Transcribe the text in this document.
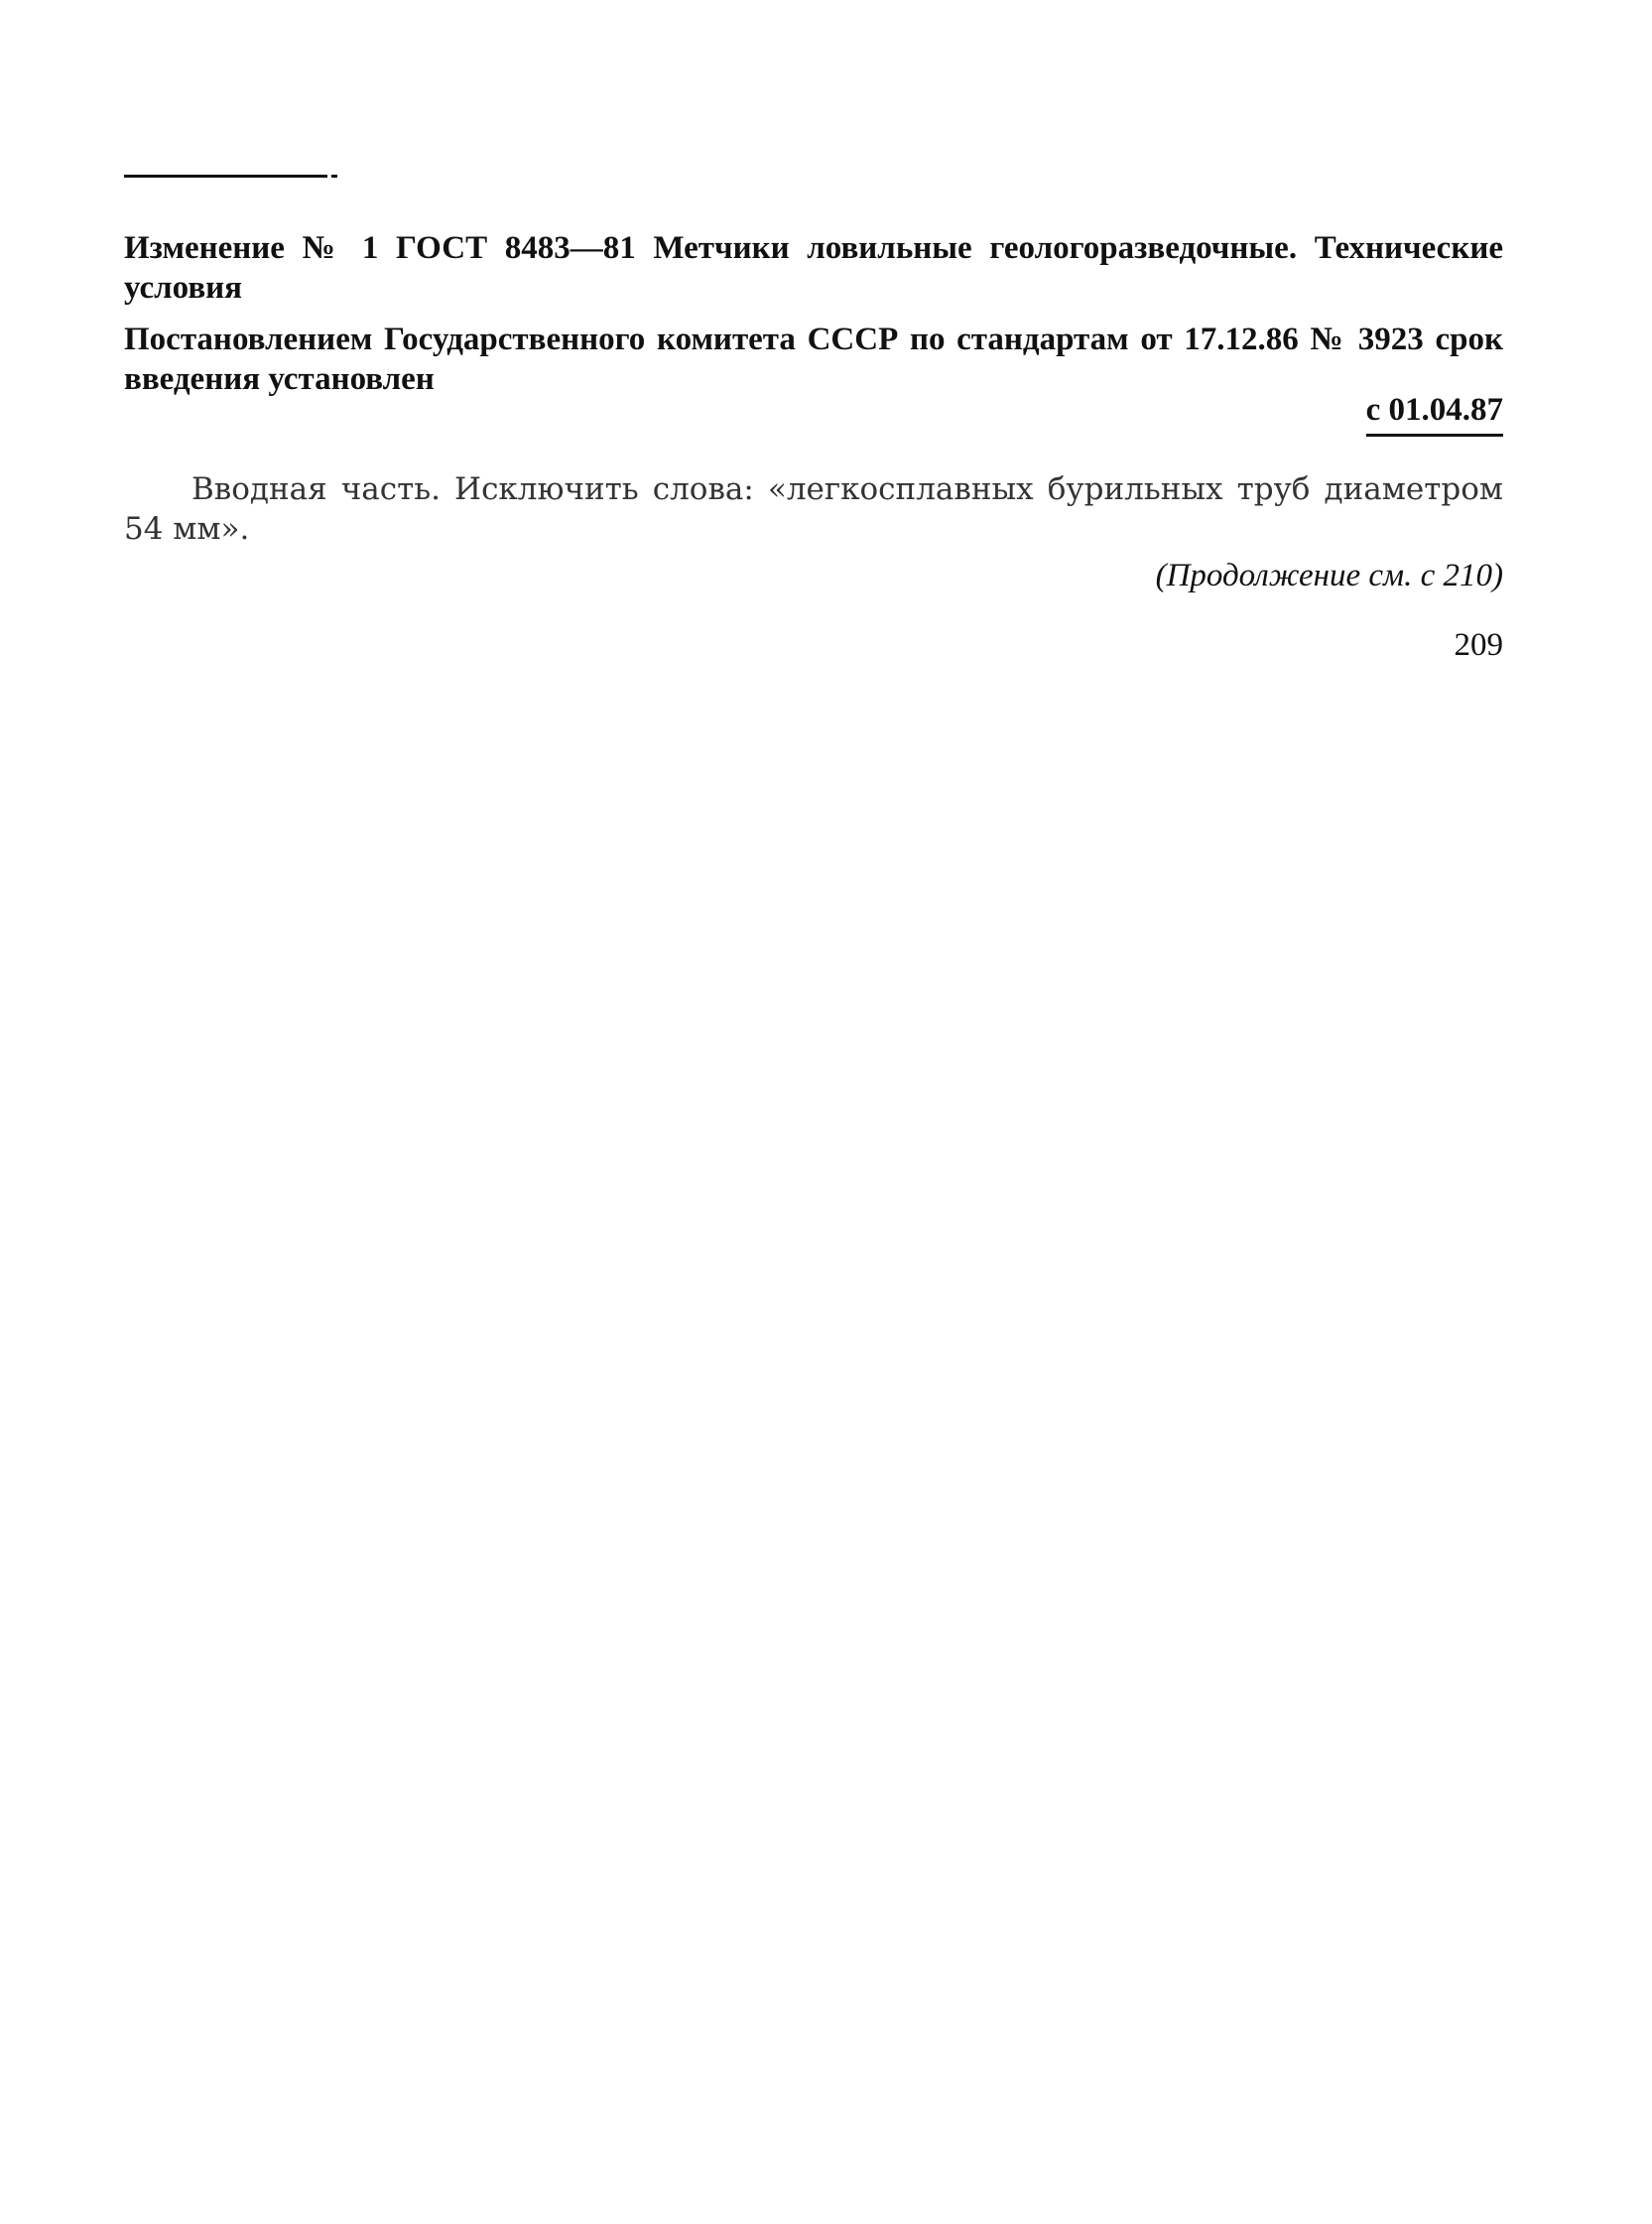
Изменение № 1 ГОСТ 8483—81 Метчики ловильные геологоразведочные. Технические условия
Постановлением Государственного комитета СССР по стандартам от 17.12.86 № 3923 срок введения установлен
с 01.04.87
Вводная часть. Исключить слова: «легкосплавных бурильных труб диаметром 54 мм».
(Продолжение см. с 210)
209
